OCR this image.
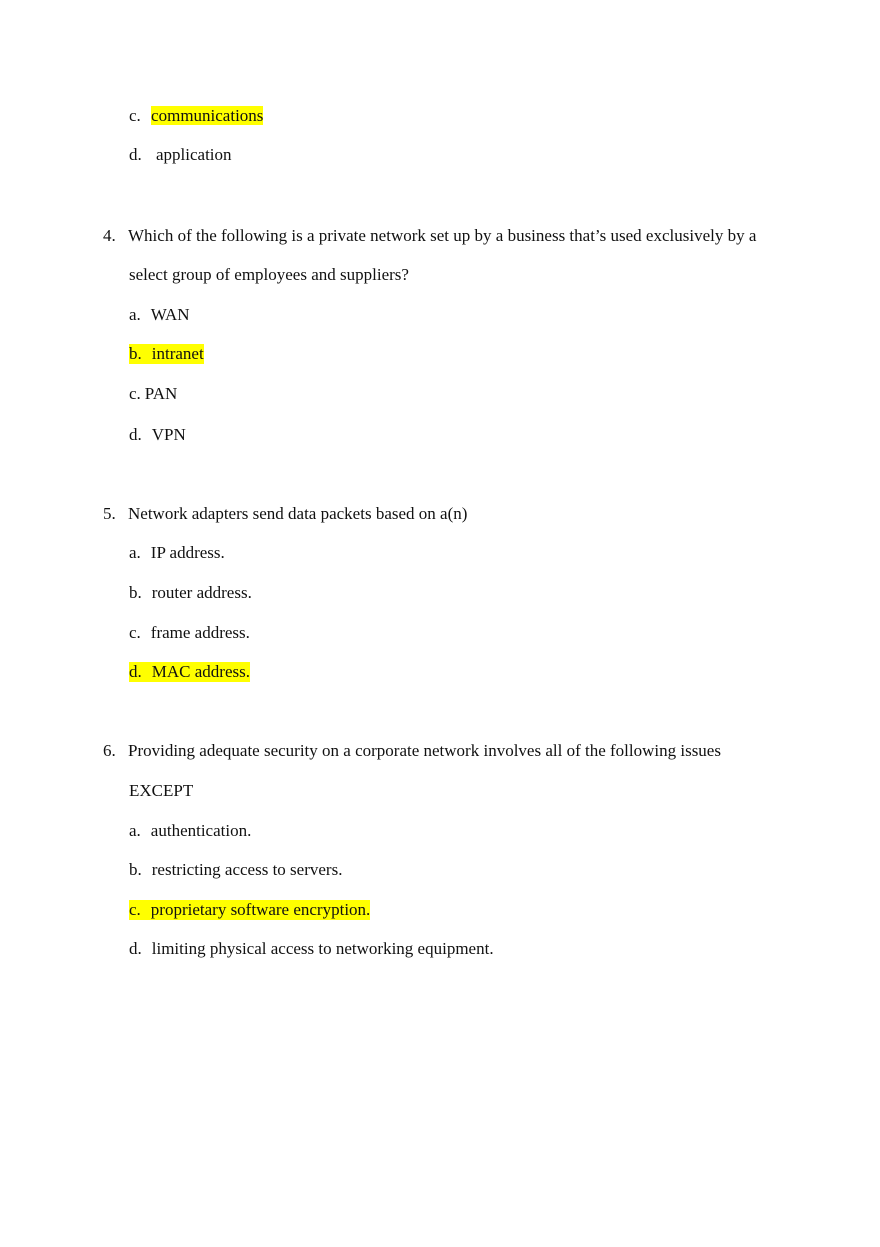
c. communications
d. application
4. Which of the following is a private network set up by a business that’s used exclusively by a
select group of employees and suppliers?
a. WAN
b. intranet
c. PAN
d. VPN
5. Network adapters send data packets based on a(n)
a. IP address.
b. router address.
c. frame address.
d. MAC address.
6. Providing adequate security on a corporate network involves all of the following issues
EXCEPT
a. authentication.
b. restricting access to servers.
c. proprietary software encryption.
d. limiting physical access to networking equipment.
